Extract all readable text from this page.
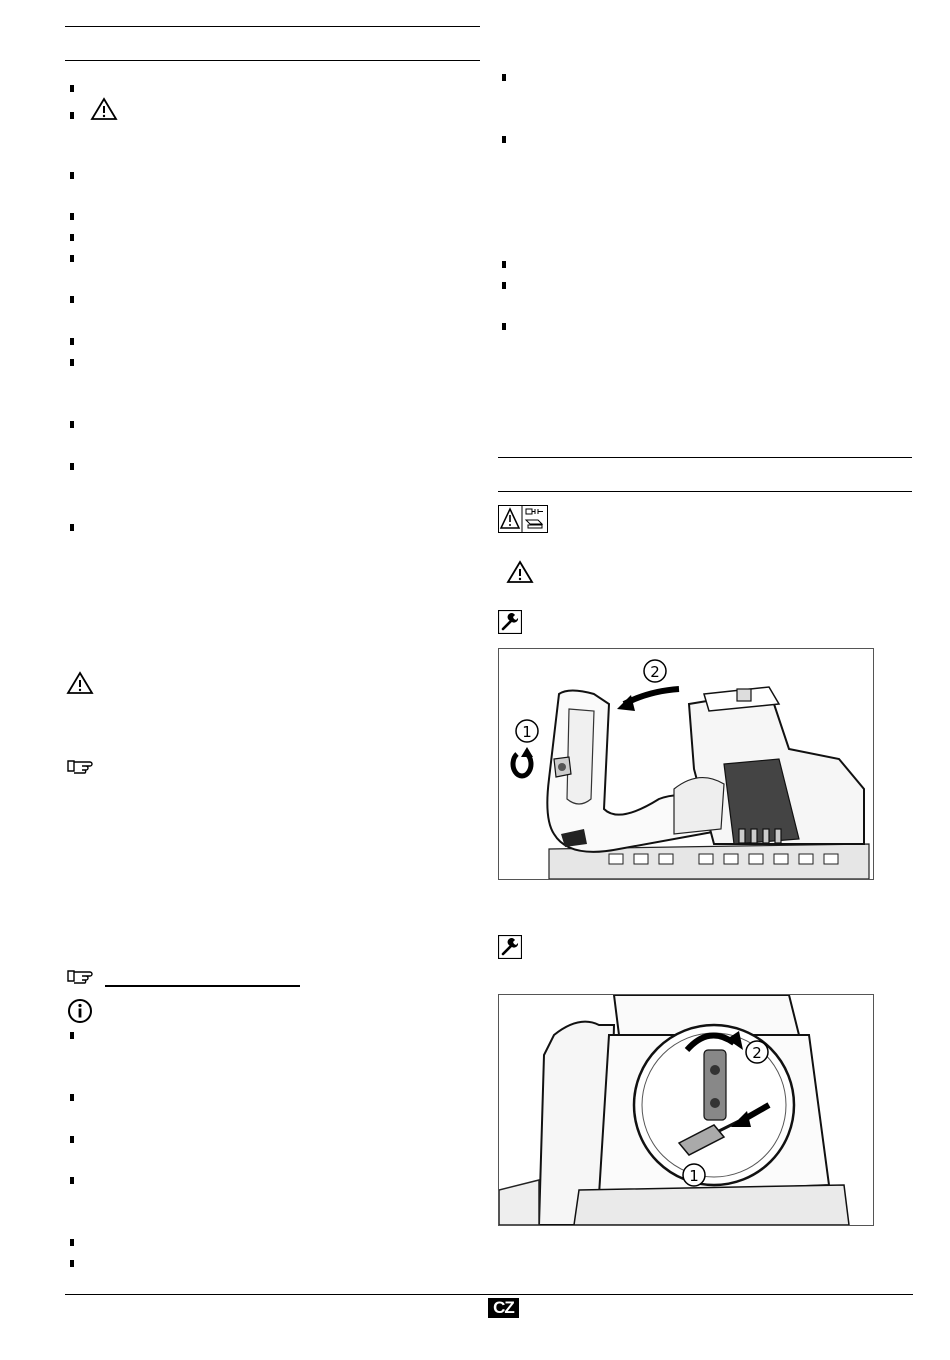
1
2
2
1
CZ
